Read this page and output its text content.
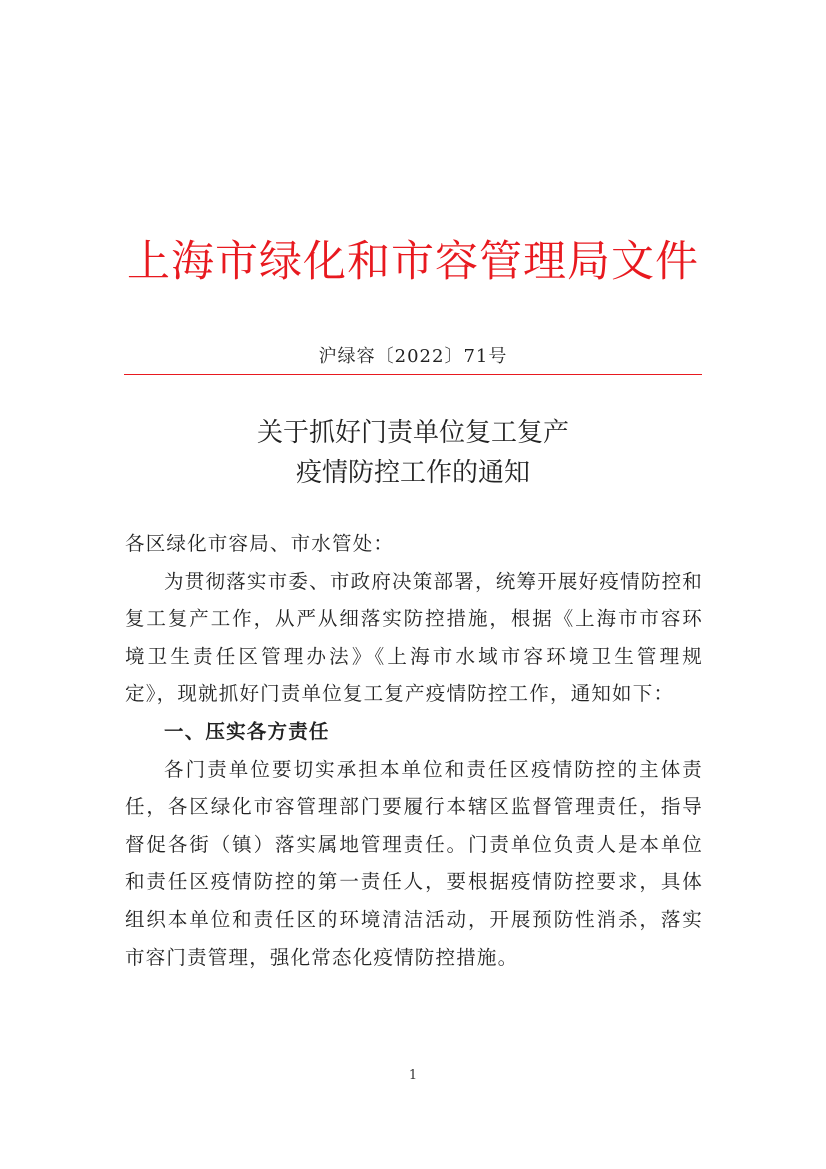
上海市绿化和市容管理局文件
沪绿容〔2022〕71号
关于抓好门责单位复工复产
疫情防控工作的通知

各区绿化市容局、市水管处：

为贯彻落实市委、市政府决策部署，统筹开展好疫情防控和复工复产工作，从严从细落实防控措施，根据《上海市市容环境卫生责任区管理办法》《上海市水域市容环境卫生管理规定》，现就抓好门责单位复工复产疫情防控工作，通知如下：

一、压实各方责任

各门责单位要切实承担本单位和责任区疫情防控的主体责任，各区绿化市容管理部门要履行本辖区监督管理责任，指导督促各街（镇）落实属地管理责任。门责单位负责人是本单位和责任区疫情防控的第一责任人，要根据疫情防控要求，具体组织本单位和责任区的环境清洁活动，开展预防性消杀，落实市容门责管理，强化常态化疫情防控措施。

1
